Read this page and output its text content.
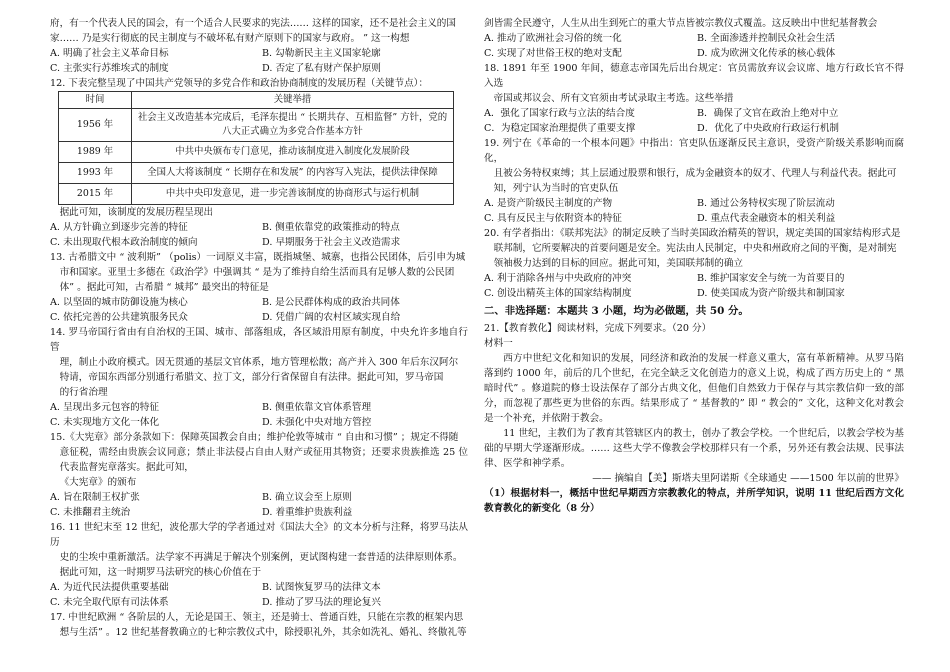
府，有一个代表人民的国会，有一个适合人民要求的宪法…… 这样的国家，还不是社会主义的国

家…… 乃是实行彻底的民主制度与不破坏私有财产原则下的国家与政府。 ” 这一构想

A. 明确了社会主义革命目标	B. 勾勒新民主主义国家轮廓
C. 主张实行苏维埃式的制度	D. 否定了私有财产保护原则

12. 下表完整呈现了中国共产党领导的多党合作和政治协商制度的发展历程（关键节点）：

时间	关键举措
1956 年	社会主义改造基本完成后，毛泽东提出 “ 长期共存、互相监督” 方针，党的八大正式确立为多党合作基本方针
1989 年	中共中央颁布专门意见，推动该制度进入制度化发展阶段
1993 年	全国人大将该制度 “ 长期存在和发展” 的内容写入宪法，提供法律保障
2015 年	中共中央印发意见，进一步完善该制度的协商形式与运行机制

据此可知，该制度的发展历程呈现出

A. 从方针确立到逐步完善的特征	B. 侧重依靠党的政策推动的特点
C. 未出现取代根本政治制度的倾向	D. 早期服务于社会主义改造需求

13. 古希腊文中 “ 波利斯” （polis）一词原义丰富，既指城堡、城寨，也指公民团体，后引申为城

市和国家。亚里士多德在《政治学》中强调其 “ 是为了维持自给生活而具有足够人数的公民团

体” 。据此可知，古希腊 “ 城邦” 最突出的特征是

A. 以坚固的城市防御设施为核心	B. 是公民群体构成的政治共同体
C. 依托完善的公共建筑服务民众	D. 凭借广阔的农村区域实现自给

14. 罗马帝国行省由有自治权的王国、城市、部落组成，各区域沿用原有制度，中央允许多地自行管

理，制止小政府模式。因无贯通的基层文官体系，地方管理松散；高产并入 300 年后东汉阿尔

特请，帝国东西部分别通行希腊文、拉丁文，部分行省保留自有法律。据此可知，罗马帝国

的行省治理

A. 呈现出多元包容的特征	B. 侧重依靠文官体系管理
C. 未实现地方文化一体化	D. 未强化中央对地方管控

15.《大宪章》部分条款如下：保障英国教会自由；维护伦敦等城市 “ 自由和习惯” ；规定不得随

意征税，需经由贵族会议同意；禁止非法侵占自由人财产或征用其物资；还要求贵族推选 25 位代表监督宪章落实。据此可知，

《大宪章》的颁布

A. 旨在限制王权扩张	B. 确立议会至上原则
C. 未推翻君主统治	D. 着重维护贵族利益

16. 11 世纪末至 12 世纪，波伦那大学的学者通过对《国法大全》的文本分析与注释，将罗马法从历

史的尘埃中重新激活。法学家不再满足于解决个别案例，更试图构建一套普适的法律原则体系。

据此可知，这一时期罗马法研究的核心价值在于

A. 为近代民法提供重要基础	B. 试图恢复罗马的法律文本
C. 未完全取代原有司法体系	D. 推动了罗马法的理论复兴

17. 中世纪欧洲 “ 各阶层的人，无论是国王、领主，还是骑士、普通百姓，只能在宗教的框架内思

想与生活” 。12 世纪基督教确立的七种宗教仪式中，除授职礼外，其余如洗礼、婚礼、终傲礼等

剑皆需全民遵守，人生从出生到死亡的重大节点皆被宗教仪式覆盖。这反映出中世纪基督教会

A. 推动了欧洲社会习俗的统一化	B. 全面渗透并控制民众社会生活
C. 实现了对世俗王权的绝对支配	D. 成为欧洲文化传承的核心载体

18. 1891 年至 1900 年间，德意志帝国先后出台规定：官员需放弃议会议席、地方行政长官不得入选

帝国或邦议会、所有文官须由考试录取主考选。这些举措

A．强化了国家行政与立法的结合度	B．确保了文官在政治上绝对中立
C．为稳定国家治理提供了重要支撑	D．优化了中央政府行政运行机制

19. 列宁在《革命的一个根本问题》中指出：官吏队伍逐渐反民主意识，受资产阶级关系影响而腐化，

且被公务特权束缚；其上层通过股票和银行，成为金融资本的奴才、代理人与利益代表。据此可

知，列宁认为当时的官吏队伍

A. 是资产阶级民主制度的产物	B. 通过公务特权实现了阶层流动
C. 具有反民主与依附资本的特征	D. 重点代表金融资本的相关利益

20. 有学者指出：《联邦宪法》的制定反映了当时美国政治精英的智识，规定美国的国家结构形式是

联邦制，它所要解决的首要问题是安全。宪法由人民制定，中央和州政府之间的平衡，是对制宪

领袖极力达到的目标的回应。据此可知，美国联邦制的确立

A. 利于消除各州与中央政府的冲突	B. 维护国家安全与统一为首要目的
C. 创设出精英主体的国家结构制度	D. 使美国成为资产阶级共和制国家

二、非选择题：本题共 3 小题，均为必做题，共 50 分。

21.【教育教化】阅读材料，完成下列要求。（20 分）

材料一

西方中世纪文化和知识的发展，同经济和政治的发展一样意义重大，富有革新精神。从罗马陷落到约 1000 年，前后的几个世纪，在完全缺乏文化创造力的意义上说，构成了西方历史上的 “ 黑暗时代” 。修道院的修士设法保存了部分古典文化，但他们自然致力于保存与其宗教信仰一致的部分，而忽视了那些更为世俗的东西。结果形成了 “ 基督教的” 即 “ 教会的” 文化，这种文化对教会是一个补充，并依附于教会。

11 世纪，主教们为了教育其管辖区内的教士，创办了教会学校。一个世纪后，以教会学校为基础的早期大学逐渐形成。…… 这些大学不像教会学校那样只有一个系，另外还有教会法规、民事法律、医学和神学系。

—— 摘编自【美】斯塔夫里阿诺斯《全球通史 ——1500 年以前的世界》

（1）根据材料一，概括中世纪早期西方宗教教化的特点，并所学知识，说明 11 世纪后西方文化教育教化的新变化（8 分）
